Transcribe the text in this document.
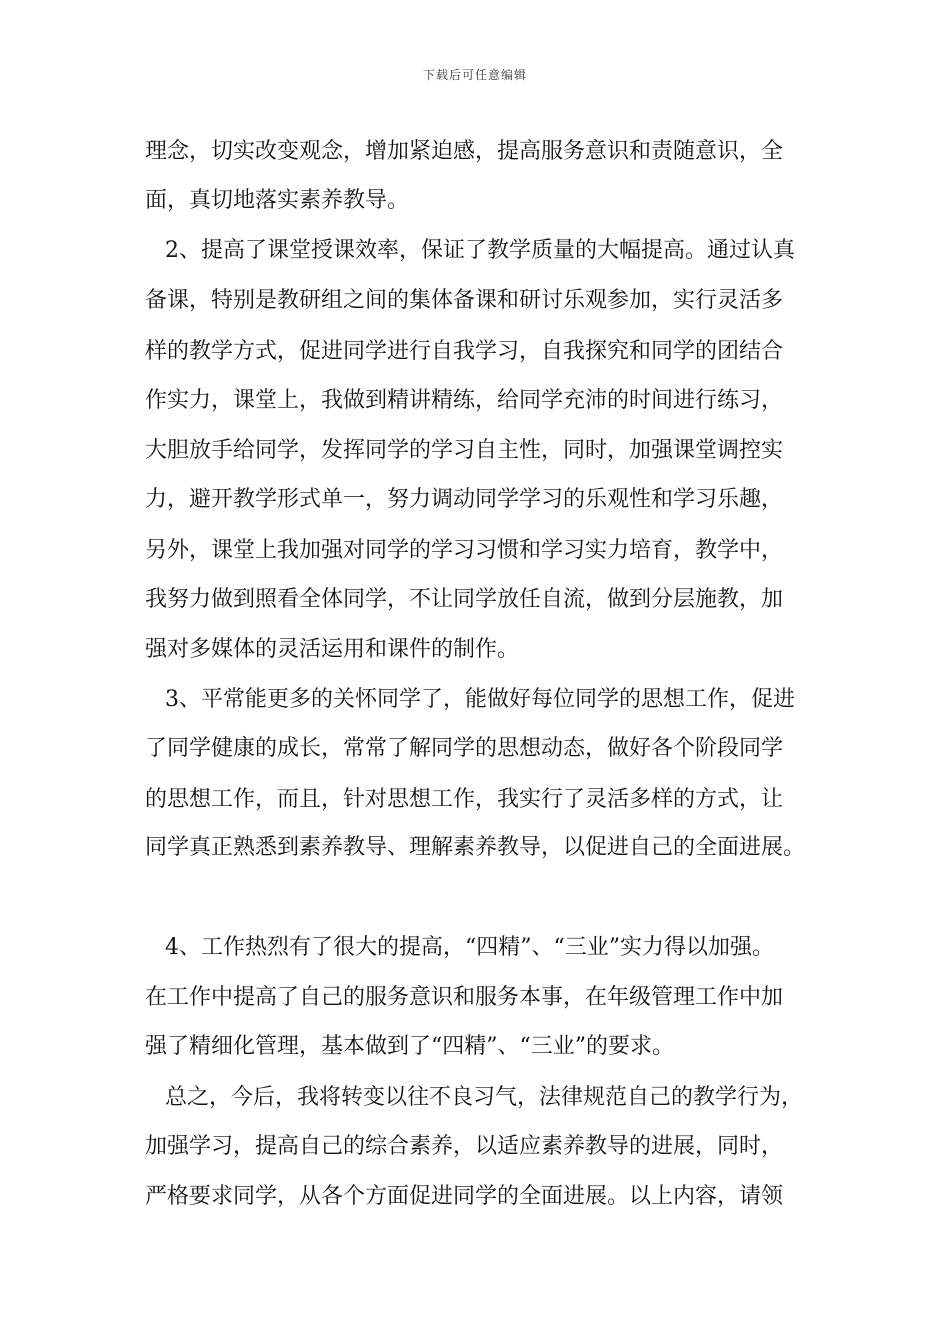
下载后可任意编辑
理念，切实改变观念，增加紧迫感，提高服务意识和责随意识，全
面，真切地落实素养教导。
2、提高了课堂授课效率，保证了教学质量的大幅提高。通过认真
备课，特别是教研组之间的集体备课和研讨乐观参加，实行灵活多
样的教学方式，促进同学进行自我学习，自我探究和同学的团结合
作实力，课堂上，我做到精讲精练，给同学充沛的时间进行练习，
大胆放手给同学，发挥同学的学习自主性，同时，加强课堂调控实
力，避开教学形式单一，努力调动同学学习的乐观性和学习乐趣，
另外，课堂上我加强对同学的学习习惯和学习实力培育，教学中，
我努力做到照看全体同学，不让同学放任自流，做到分层施教，加
强对多媒体的灵活运用和课件的制作。
3、平常能更多的关怀同学了，能做好每位同学的思想工作，促进
了同学健康的成长，常常了解同学的思想动态，做好各个阶段同学
的思想工作，而且，针对思想工作，我实行了灵活多样的方式，让
同学真正熟悉到素养教导、理解素养教导，以促进自己的全面进展。
4、工作热烈有了很大的提高，“四精”、“三业”实力得以加强。
在工作中提高了自己的服务意识和服务本事，在年级管理工作中加
强了精细化管理，基本做到了“四精”、“三业”的要求。
总之，今后，我将转变以往不良习气，法律规范自己的教学行为，
加强学习，提高自己的综合素养，以适应素养教导的进展，同时，
严格要求同学，从各个方面促进同学的全面进展。以上内容，请领
